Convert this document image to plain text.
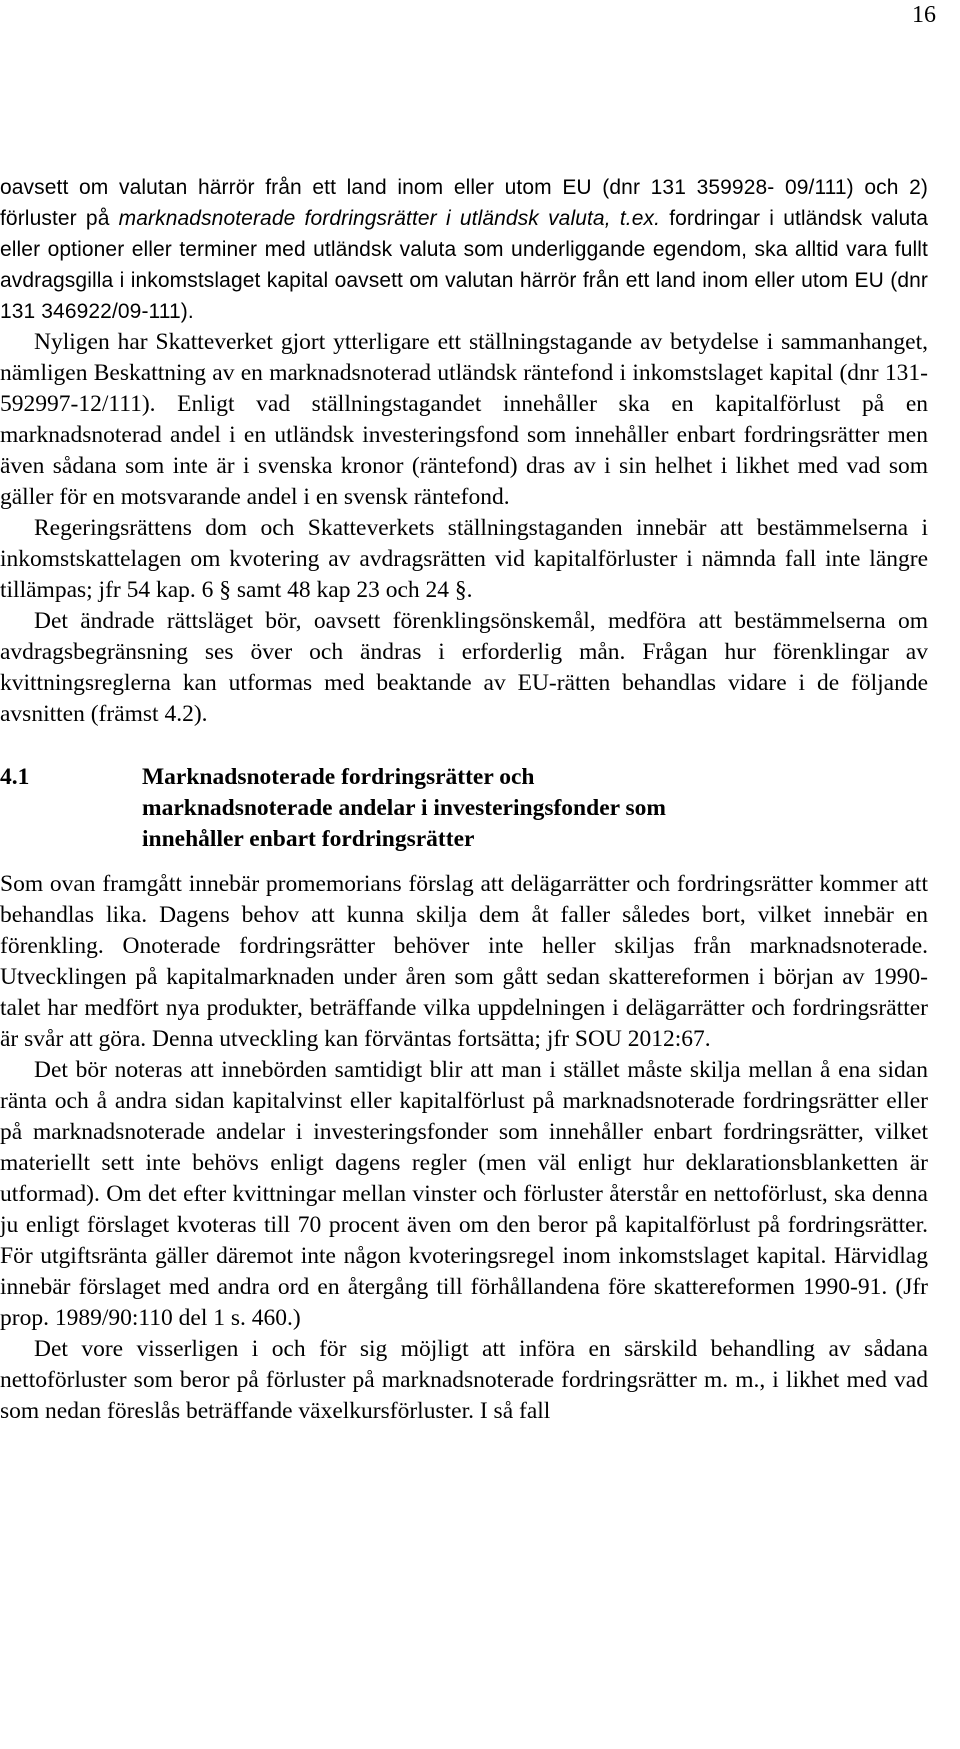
16

oavsett om valutan härrör från ett land inom eller utom EU (dnr 131 359928- 09/111) och 2) förluster på marknadsnoterade fordringsrätter i utländsk valuta, t.ex. fordringar i utländsk valuta eller optioner eller terminer med utländsk valuta som underliggande egendom, ska alltid vara fullt avdragsgilla i inkomstslaget kapital oavsett om valutan härrör från ett land inom eller utom EU (dnr 131 346922/09-111).

Nyligen har Skatteverket gjort ytterligare ett ställningstagande av betydelse i sammanhanget, nämligen Beskattning av en marknadsnoterad utländsk räntefond i inkomstslaget kapital (dnr 131-592997-12/111). Enligt vad ställningstagandet innehåller ska en kapitalförlust på en marknadsnoterad andel i en utländsk investeringsfond som innehåller enbart fordringsrätter men även sådana som inte är i svenska kronor (räntefond) dras av i sin helhet i likhet med vad som gäller för en motsvarande andel i en svensk räntefond.

Regeringsrättens dom och Skatteverkets ställningstaganden innebär att bestämmelserna i inkomstskattelagen om kvotering av avdragsrätten vid kapitalförluster i nämnda fall inte längre tillämpas; jfr 54 kap. 6 § samt 48 kap 23 och 24 §.

Det ändrade rättsläget bör, oavsett förenklingsönskemål, medföra att bestämmelserna om avdragsbegränsning ses över och ändras i erforderlig mån. Frågan hur förenklingar av kvittningsreglerna kan utformas med beaktande av EU-rätten behandlas vidare i de följande avsnitten (främst 4.2).

4.1	Marknadsnoterade fordringsrätter och marknadsnoterade andelar i investeringsfonder som innehåller enbart fordringsrätter

Som ovan framgått innebär promemorians förslag att delägarrätter och fordringsrätter kommer att behandlas lika. Dagens behov att kunna skilja dem åt faller således bort, vilket innebär en förenkling. Onoterade fordringsrätter behöver inte heller skiljas från marknadsnoterade. Utvecklingen på kapitalmarknaden under åren som gått sedan skattereformen i början av 1990-talet har medfört nya produkter, beträffande vilka uppdelningen i delägarrätter och fordringsrätter är svår att göra. Denna utveckling kan förväntas fortsätta; jfr SOU 2012:67.

Det bör noteras att innebörden samtidigt blir att man i stället måste skilja mellan å ena sidan ränta och å andra sidan kapitalvinst eller kapitalförlust på marknadsnoterade fordringsrätter eller på marknadsnoterade andelar i investeringsfonder som innehåller enbart fordringsrätter, vilket materiellt sett inte behövs enligt dagens regler (men väl enligt hur deklarationsblanketten är utformad). Om det efter kvittningar mellan vinster och förluster återstår en nettoförlust, ska denna ju enligt förslaget kvoteras till 70 procent även om den beror på kapitalförlust på fordringsrätter. För utgiftsränta gäller däremot inte någon kvoteringsregel inom inkomstslaget kapital. Härvidlag innebär förslaget med andra ord en återgång till förhållandena före skattereformen 1990-91. (Jfr prop. 1989/90:110 del 1 s. 460.)

Det vore visserligen i och för sig möjligt att införa en särskild behandling av sådana nettoförluster som beror på förluster på marknadsnoterade fordringsrätter m. m., i likhet med vad som nedan föreslås beträffande växelkursförluster. I så fall
